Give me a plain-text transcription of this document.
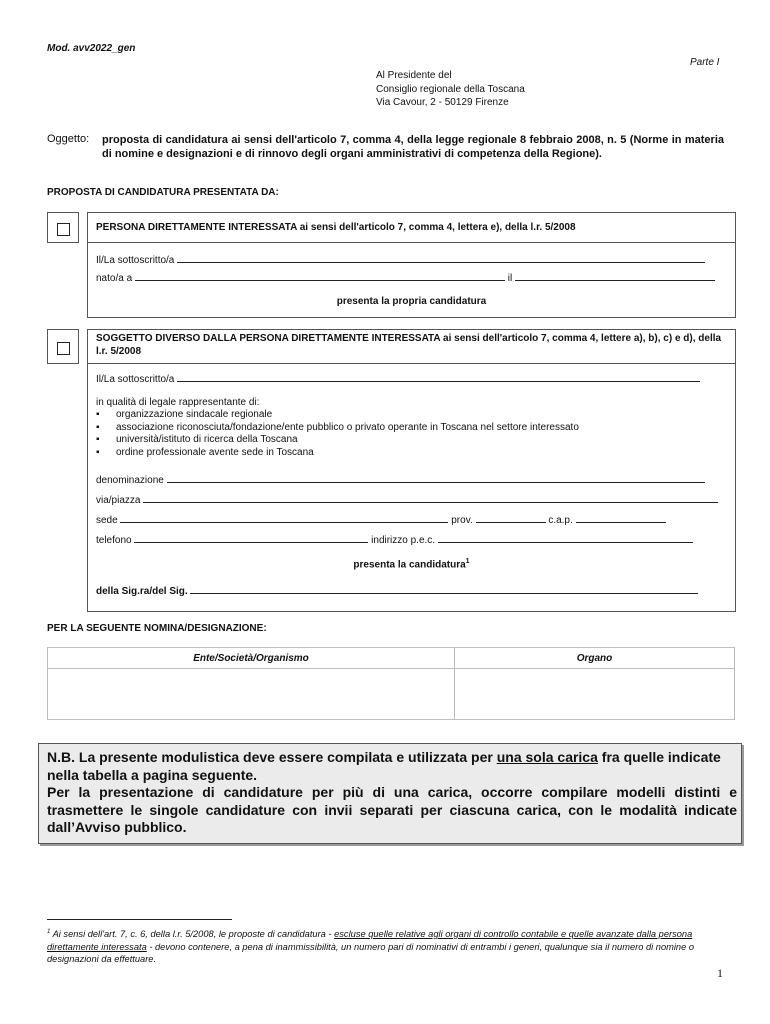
Mod. avv2022_gen
Parte I
Al Presidente del
Consiglio regionale della Toscana
Via Cavour, 2 - 50129 Firenze
Oggetto: proposta di candidatura ai sensi dell'articolo 7, comma 4, della legge regionale 8 febbraio 2008, n. 5 (Norme in materia di nomine e designazioni e di rinnovo degli organi amministrativi di competenza della Regione).
PROPOSTA DI CANDIDATURA PRESENTATA DA:
PERSONA DIRETTAMENTE INTERESSATA ai sensi dell'articolo 7, comma 4, lettera e), della l.r. 5/2008
Il/La sottoscritto/a
nato/a a	il
presenta la propria candidatura
SOGGETTO DIVERSO DALLA PERSONA DIRETTAMENTE INTERESSATA ai sensi dell'articolo 7, comma 4, lettere a), b), c) e d), della l.r. 5/2008
Il/La sottoscritto/a
in qualità di legale rappresentante di:
▪ organizzazione sindacale regionale
▪ associazione riconosciuta/fondazione/ente pubblico o privato operante in Toscana nel settore interessato
▪ università/istituto di ricerca della Toscana
▪ ordine professionale avente sede in Toscana
denominazione
via/piazza
sede	prov.	c.a.p.
telefono	indirizzo p.e.c.
presenta la candidatura$^1$
della Sig.ra/del Sig.
PER LA SEGUENTE NOMINA/DESIGNAZIONE:
Ente/Società/Organismo	Organo

N.B. La presente modulistica deve essere compilata e utilizzata per una sola carica fra quelle indicate nella tabella a pagina seguente.
Per la presentazione di candidature per più di una carica, occorre compilare modelli distinti e trasmettere le singole candidature con invii separati per ciascuna carica, con le modalità indicate dall’Avviso pubblico.
$^1$ Ai sensi dell'art. 7, c. 6, della l.r. 5/2008, le proposte di candidatura - escluse quelle relative agli organi di controllo contabile e quelle avanzate dalla persona direttamente interessata - devono contenere, a pena di inammissibilità, un numero pari di nominativi di entrambi i generi, qualunque sia il numero di nomine o designazioni da effettuare.
1
